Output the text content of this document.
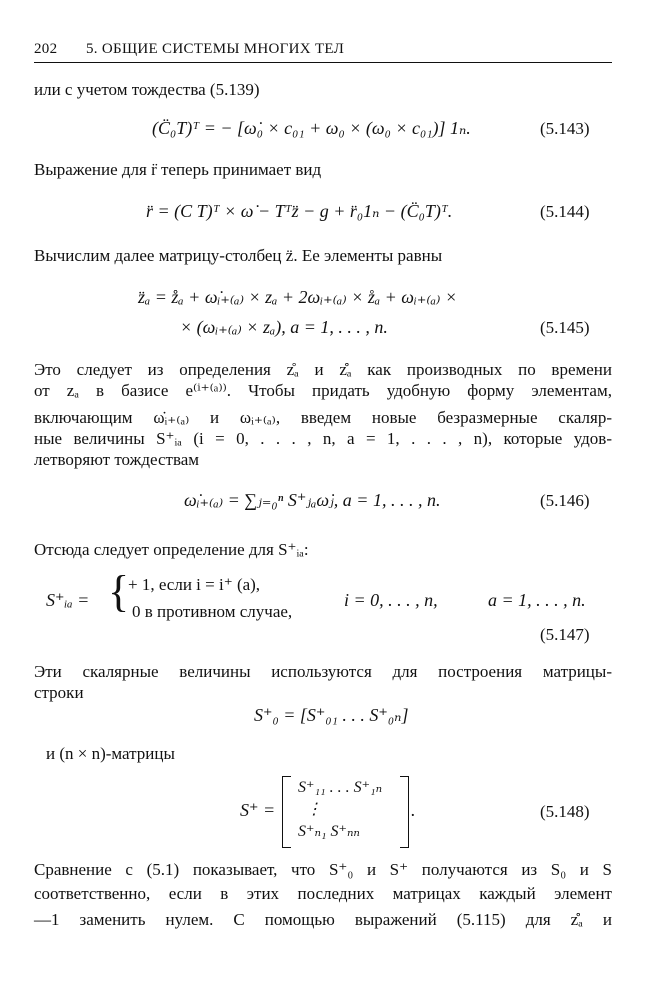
202 5. ОБЩИЕ СИСТЕМЫ МНОГИХ ТЕЛ
или с учетом тождества (5.139)
(C̈₀T)ᵀ = − [ω̇₀ × c₀₁ + ω₀ × (ω₀ × c₀₁)] 1ₙ.	(5.143)
Выражение для r̈ теперь принимает вид
r̈ = (C T)ᵀ × ω̇ − Tᵀz̈ − g + r̈₀1ₙ − (C̈₀T)ᵀ.	(5.144)
Вычислим далее матрицу-столбец z̈. Ее элементы равны
z̈ₐ = z̊̊ₐ + ω̇ᵢ₊₍ₐ₎ × zₐ + 2ωᵢ₊₍ₐ₎ × z̊ₐ + ωᵢ₊₍ₐ₎ ×
× (ωᵢ₊₍ₐ₎ × zₐ), a = 1, . . . , n.	(5.145)
Это следует из определения z̊ₐ и z̊̊ₐ как производных по времени
от zₐ в базисе e⁽ⁱ⁺⁽ᵃ⁾⁾. Чтобы придать удобную форму элементам,
включающим ω̇ᵢ₊₍ₐ₎ и ωᵢ₊₍ₐ₎, введем новые безразмерные скаляр-
ные величины S⁺ᵢₐ (i = 0, . . . , n, a = 1, . . . , n), которые удов-
летворяют тождествам
ω̇ᵢ₊₍ₐ₎ = ∑ⱼ₌₀ⁿ S⁺ⱼₐω̇ⱼ, a = 1, . . . , n.	(5.146)
Отсюда следует определение для S⁺ᵢₐ:
S⁺ᵢₐ = {
+ 1, если i = i⁺ (a),
0 в противном случае,
i = 0, . . . , n,	a = 1, . . . , n.
(5.147)
Эти скалярные величины используются для построения матрицы-
строки
S⁺₀ = [S⁺₀₁ . . . S⁺₀ₙ]
и (n × n)-матрицы
S⁺ =
S⁺₁₁ . . . S⁺₁ₙ
⋮
S⁺ₙ₁ S⁺ₙₙ
.	(5.148)
Сравнение с (5.1) показывает, что S⁺₀ и S⁺ получаются из S₀ и S
соответственно, если в этих последних матрицах каждый элемент
—1 заменить нулем. С помощью выражений (5.115) для z̊̊ₐ и
